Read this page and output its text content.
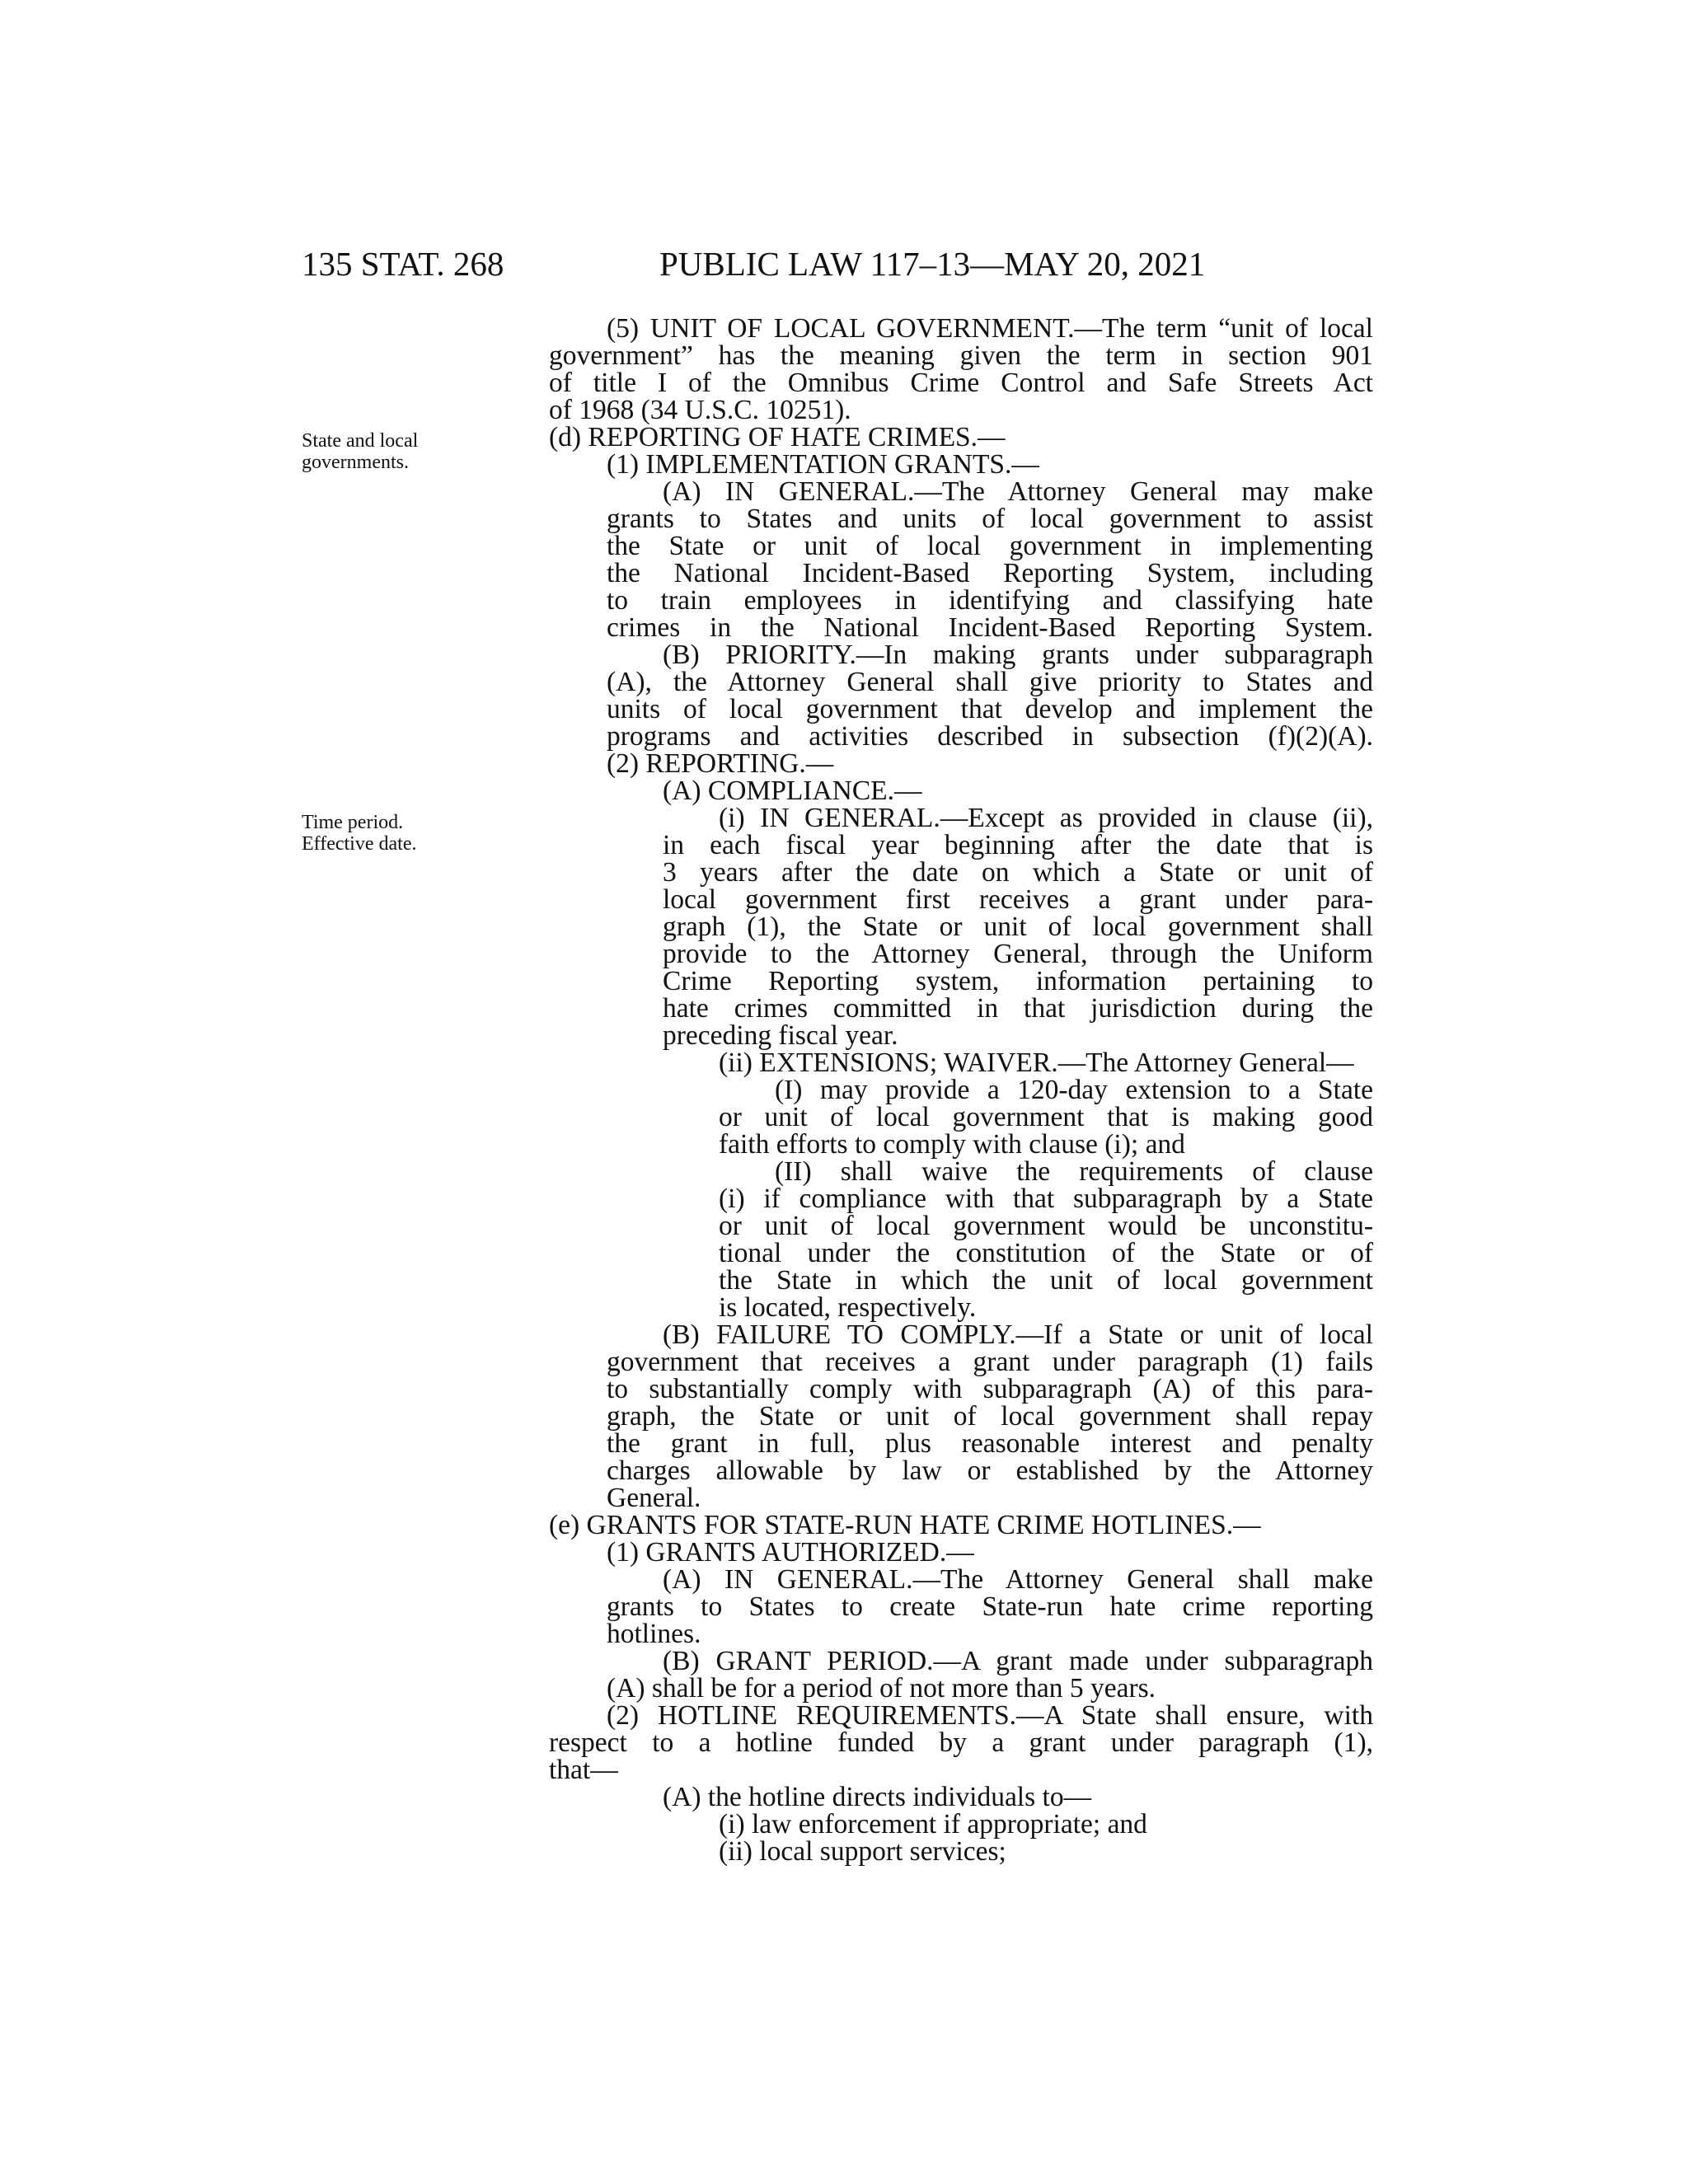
135 STAT. 268	PUBLIC LAW 117–13—MAY 20, 2021
State and local governments.
Time period. Effective date.
(5) UNIT OF LOCAL GOVERNMENT.—The term “unit of local
government” has the meaning given the term in section 901
of title I of the Omnibus Crime Control and Safe Streets Act
of 1968 (34 U.S.C. 10251).
(d) REPORTING OF HATE CRIMES.—
(1) IMPLEMENTATION GRANTS.—
(A) IN GENERAL.—The Attorney General may make
grants to States and units of local government to assist
the State or unit of local government in implementing
the National Incident-Based Reporting System, including
to train employees in identifying and classifying hate
crimes in the National Incident-Based Reporting System.
(B) PRIORITY.—In making grants under subparagraph
(A), the Attorney General shall give priority to States and
units of local government that develop and implement the
programs and activities described in subsection (f)(2)(A).
(2) REPORTING.—
(A) COMPLIANCE.—
(i) IN GENERAL.—Except as provided in clause (ii),
in each fiscal year beginning after the date that is
3 years after the date on which a State or unit of
local government first receives a grant under para-
graph (1), the State or unit of local government shall
provide to the Attorney General, through the Uniform
Crime Reporting system, information pertaining to
hate crimes committed in that jurisdiction during the
preceding fiscal year.
(ii) EXTENSIONS; WAIVER.—The Attorney General—
(I) may provide a 120-day extension to a State
or unit of local government that is making good
faith efforts to comply with clause (i); and
(II) shall waive the requirements of clause
(i) if compliance with that subparagraph by a State
or unit of local government would be unconstitu-
tional under the constitution of the State or of
the State in which the unit of local government
is located, respectively.
(B) FAILURE TO COMPLY.—If a State or unit of local
government that receives a grant under paragraph (1) fails
to substantially comply with subparagraph (A) of this para-
graph, the State or unit of local government shall repay
the grant in full, plus reasonable interest and penalty
charges allowable by law or established by the Attorney
General.
(e) GRANTS FOR STATE-RUN HATE CRIME HOTLINES.—
(1) GRANTS AUTHORIZED.—
(A) IN GENERAL.—The Attorney General shall make
grants to States to create State-run hate crime reporting
hotlines.
(B) GRANT PERIOD.—A grant made under subparagraph
(A) shall be for a period of not more than 5 years.
(2) HOTLINE REQUIREMENTS.—A State shall ensure, with
respect to a hotline funded by a grant under paragraph (1),
that—
(A) the hotline directs individuals to—
(i) law enforcement if appropriate; and
(ii) local support services;
